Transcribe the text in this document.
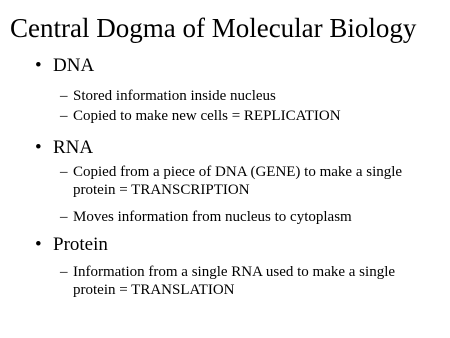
Central Dogma of Molecular Biology
• DNA
– Stored information inside nucleus
– Copied to make new cells = REPLICATION
• RNA
– Copied from a piece of DNA (GENE) to make a single protein = TRANSCRIPTION
– Moves information from nucleus to cytoplasm
• Protein
– Information from a single RNA used to make a single protein = TRANSLATION
